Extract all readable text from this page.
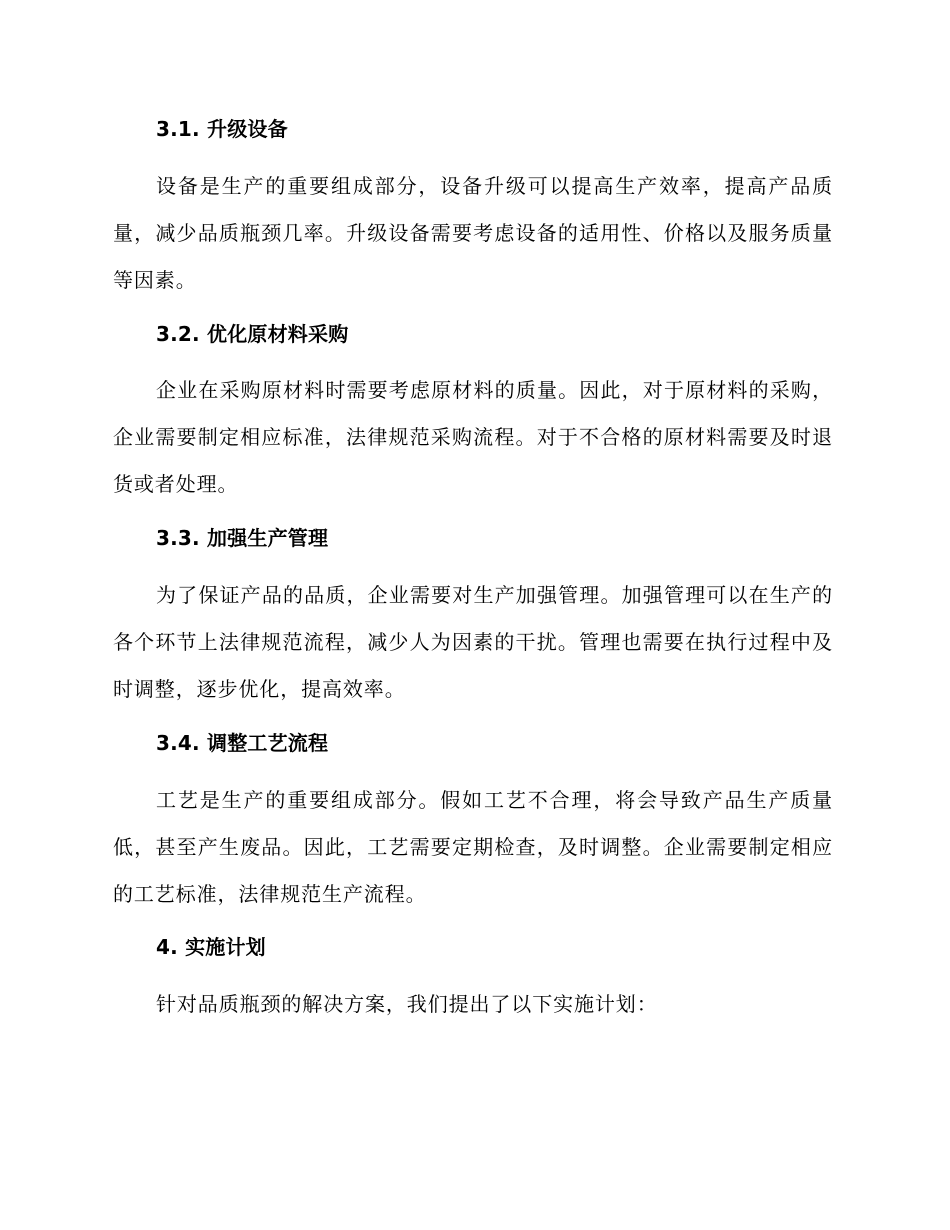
3.1. 升级设备
设备是生产的重要组成部分，设备升级可以提高生产效率，提高产品质量，减少品质瓶颈几率。升级设备需要考虑设备的适用性、价格以及服务质量等因素。
3.2. 优化原材料采购
企业在采购原材料时需要考虑原材料的质量。因此，对于原材料的采购，企业需要制定相应标准，法律规范采购流程。对于不合格的原材料需要及时退货或者处理。
3.3. 加强生产管理
为了保证产品的品质，企业需要对生产加强管理。加强管理可以在生产的各个环节上法律规范流程，减少人为因素的干扰。管理也需要在执行过程中及时调整，逐步优化，提高效率。
3.4. 调整工艺流程
工艺是生产的重要组成部分。假如工艺不合理，将会导致产品生产质量低，甚至产生废品。因此，工艺需要定期检查，及时调整。企业需要制定相应的工艺标准，法律规范生产流程。
4. 实施计划
针对品质瓶颈的解决方案，我们提出了以下实施计划：
